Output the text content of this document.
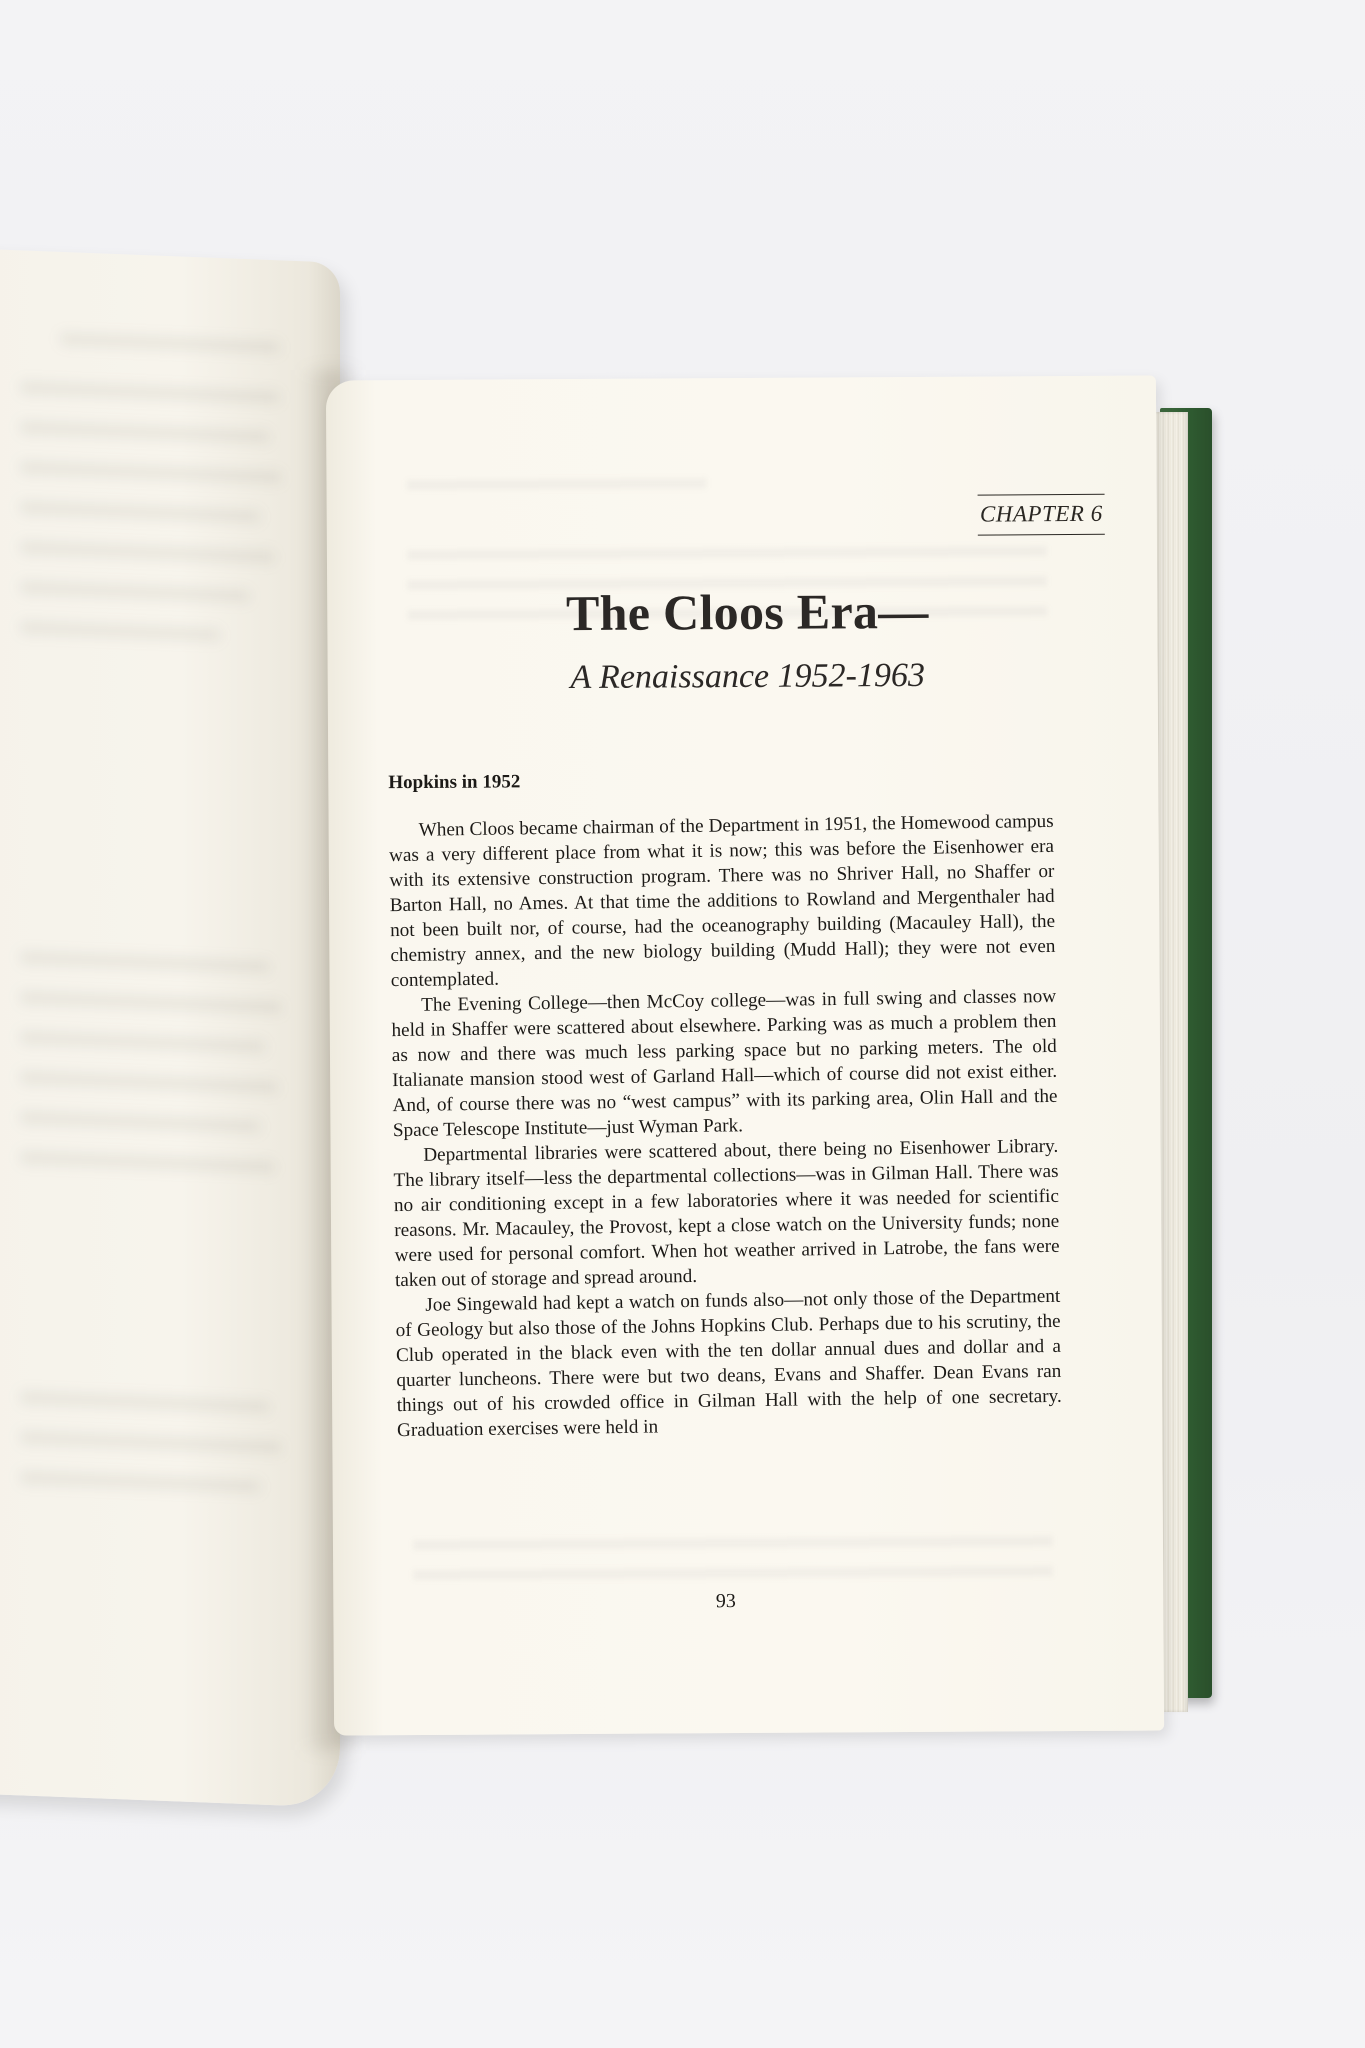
CHAPTER 6
The Cloos Era—
A Renaissance 1952-1963
Hopkins in 1952

When Cloos became chairman of the Department in 1951, the Homewood campus was a very different place from what it is now; this was before the Eisenhower era with its extensive construction program. There was no Shriver Hall, no Shaffer or Barton Hall, no Ames. At that time the additions to Rowland and Mergenthaler had not been built nor, of course, had the oceanography building (Macauley Hall), the chemistry annex, and the new biology building (Mudd Hall); they were not even contemplated.

The Evening College—then McCoy college—was in full swing and classes now held in Shaffer were scattered about elsewhere. Parking was as much a problem then as now and there was much less parking space but no parking meters. The old Italianate mansion stood west of Garland Hall—which of course did not exist either. And, of course there was no “west campus” with its parking area, Olin Hall and the Space Telescope Institute—just Wyman Park.

Departmental libraries were scattered about, there being no Eisenhower Library. The library itself—less the departmental collections—was in Gilman Hall. There was no air conditioning except in a few laboratories where it was needed for scientific reasons. Mr. Macauley, the Provost, kept a close watch on the University funds; none were used for personal comfort. When hot weather arrived in Latrobe, the fans were taken out of storage and spread around.

Joe Singewald had kept a watch on funds also—not only those of the Department of Geology but also those of the Johns Hopkins Club. Perhaps due to his scrutiny, the Club operated in the black even with the ten dollar annual dues and dollar and a quarter luncheons. There were but two deans, Evans and Shaffer. Dean Evans ran things out of his crowded office in Gilman Hall with the help of one secretary. Graduation exercises were held in

93
